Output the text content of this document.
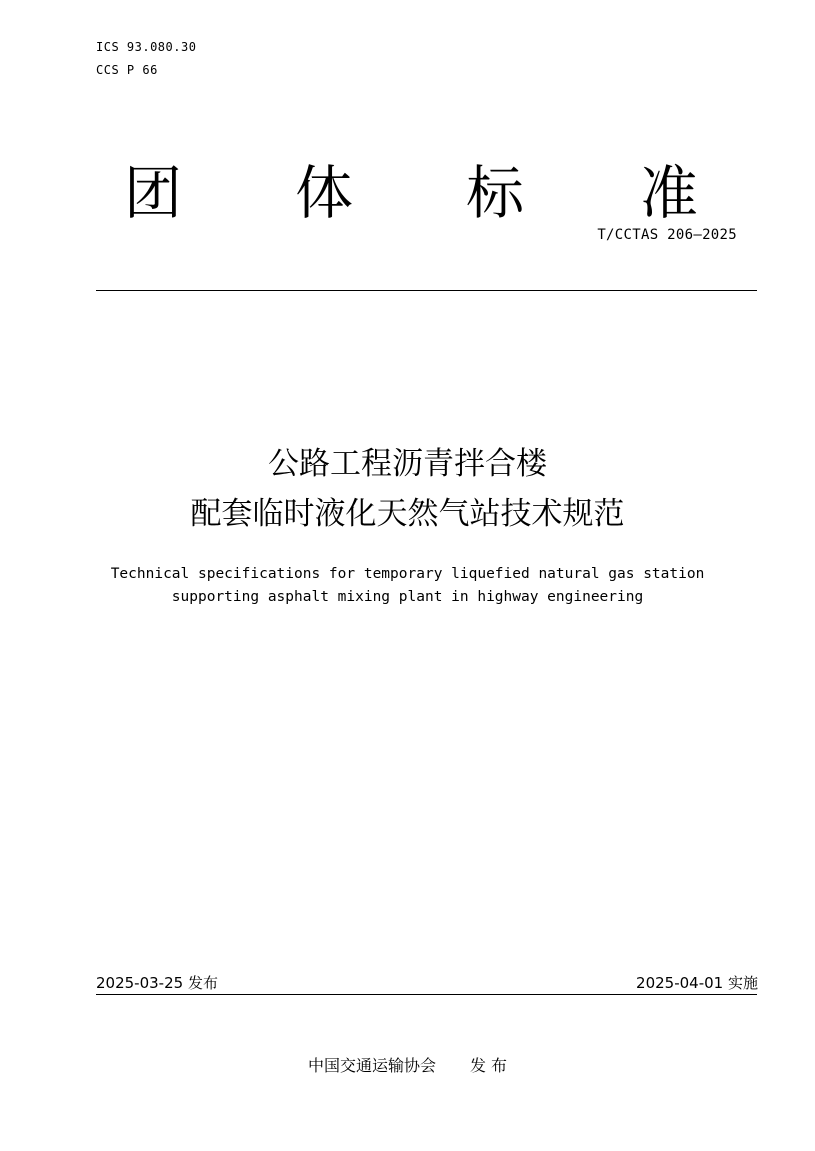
ICS 93.080.30
CCS P 66
团 体 标 准
T/CCTAS 206—2025
公路工程沥青拌合楼
配套临时液化天然气站技术规范
Technical specifications for temporary liquefied natural gas station
supporting asphalt mixing plant in highway engineering
2025-03-25 发布	2025-04-01 实施
中国交通运输协会 发 布
